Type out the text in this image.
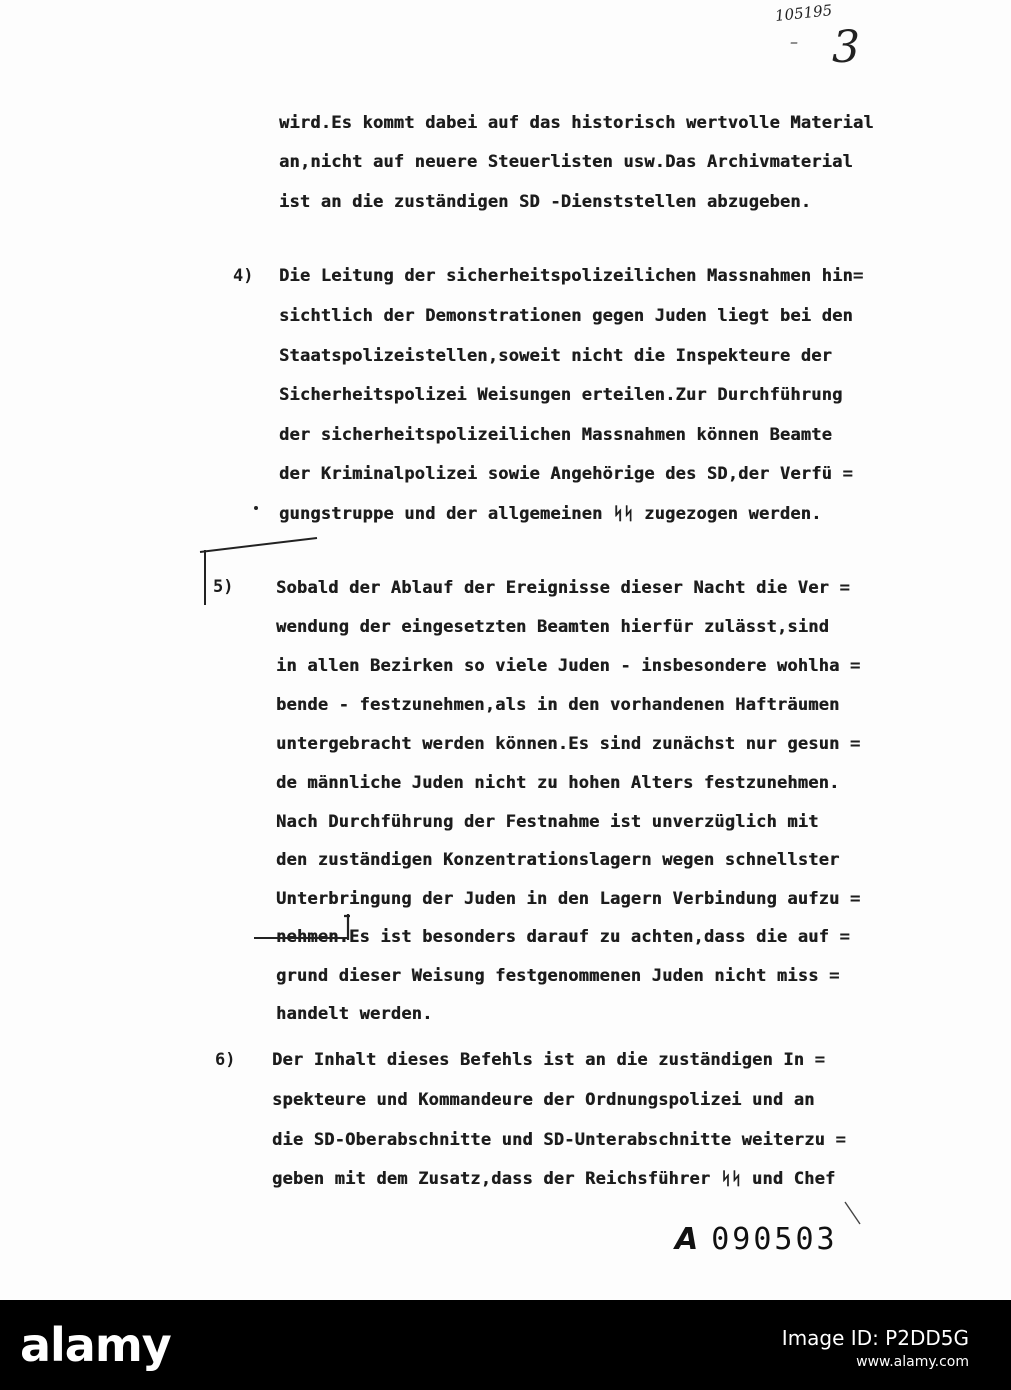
105195
– 3
wird.Es kommt dabei auf das historisch wertvolle Material
an,nicht auf neuere Steuerlisten usw.Das Archivmaterial
ist an die zuständigen SD -Dienststellen abzugeben.
4) Die Leitung der sicherheitspolizeilichen Massnahmen hin=
sichtlich der Demonstrationen gegen Juden liegt bei den
Staatspolizeistellen,soweit nicht die Inspekteure der
Sicherheitspolizei Weisungen erteilen.Zur Durchführung
der sicherheitspolizeilichen Massnahmen können Beamte
der Kriminalpolizei sowie Angehörige des SD,der Verfü =
gungstruppe und der allgemeinen ᛋᛋ zugezogen werden.
5)	Sobald der Ablauf der Ereignisse dieser Nacht die Ver =
wendung der eingesetzten Beamten hierfür zulässt,sind
in allen Bezirken so viele Juden - insbesondere wohlha =
bende - festzunehmen,als in den vorhandenen Hafträumen
untergebracht werden können.Es sind zunächst nur gesun =
de männliche Juden nicht zu hohen Alters festzunehmen.
Nach Durchführung der Festnahme ist unverzüglich mit
den zuständigen Konzentrationslagern wegen schnellster
Unterbringung der Juden in den Lagern Verbindung aufzu =
nehmen.Es ist besonders darauf zu achten,dass die auf =
grund dieser Weisung festgenommenen Juden nicht miss =
handelt werden.
6) Der Inhalt dieses Befehls ist an die zuständigen In =
spekteure und Kommandeure der Ordnungspolizei und an
die SD-Oberabschnitte und SD-Unterabschnitte weiterzu =
geben mit dem Zusatz,dass der Reichsführer ᛋᛋ und Chef
A 090503
alamy	Image ID: P2DD5G
www.alamy.com
